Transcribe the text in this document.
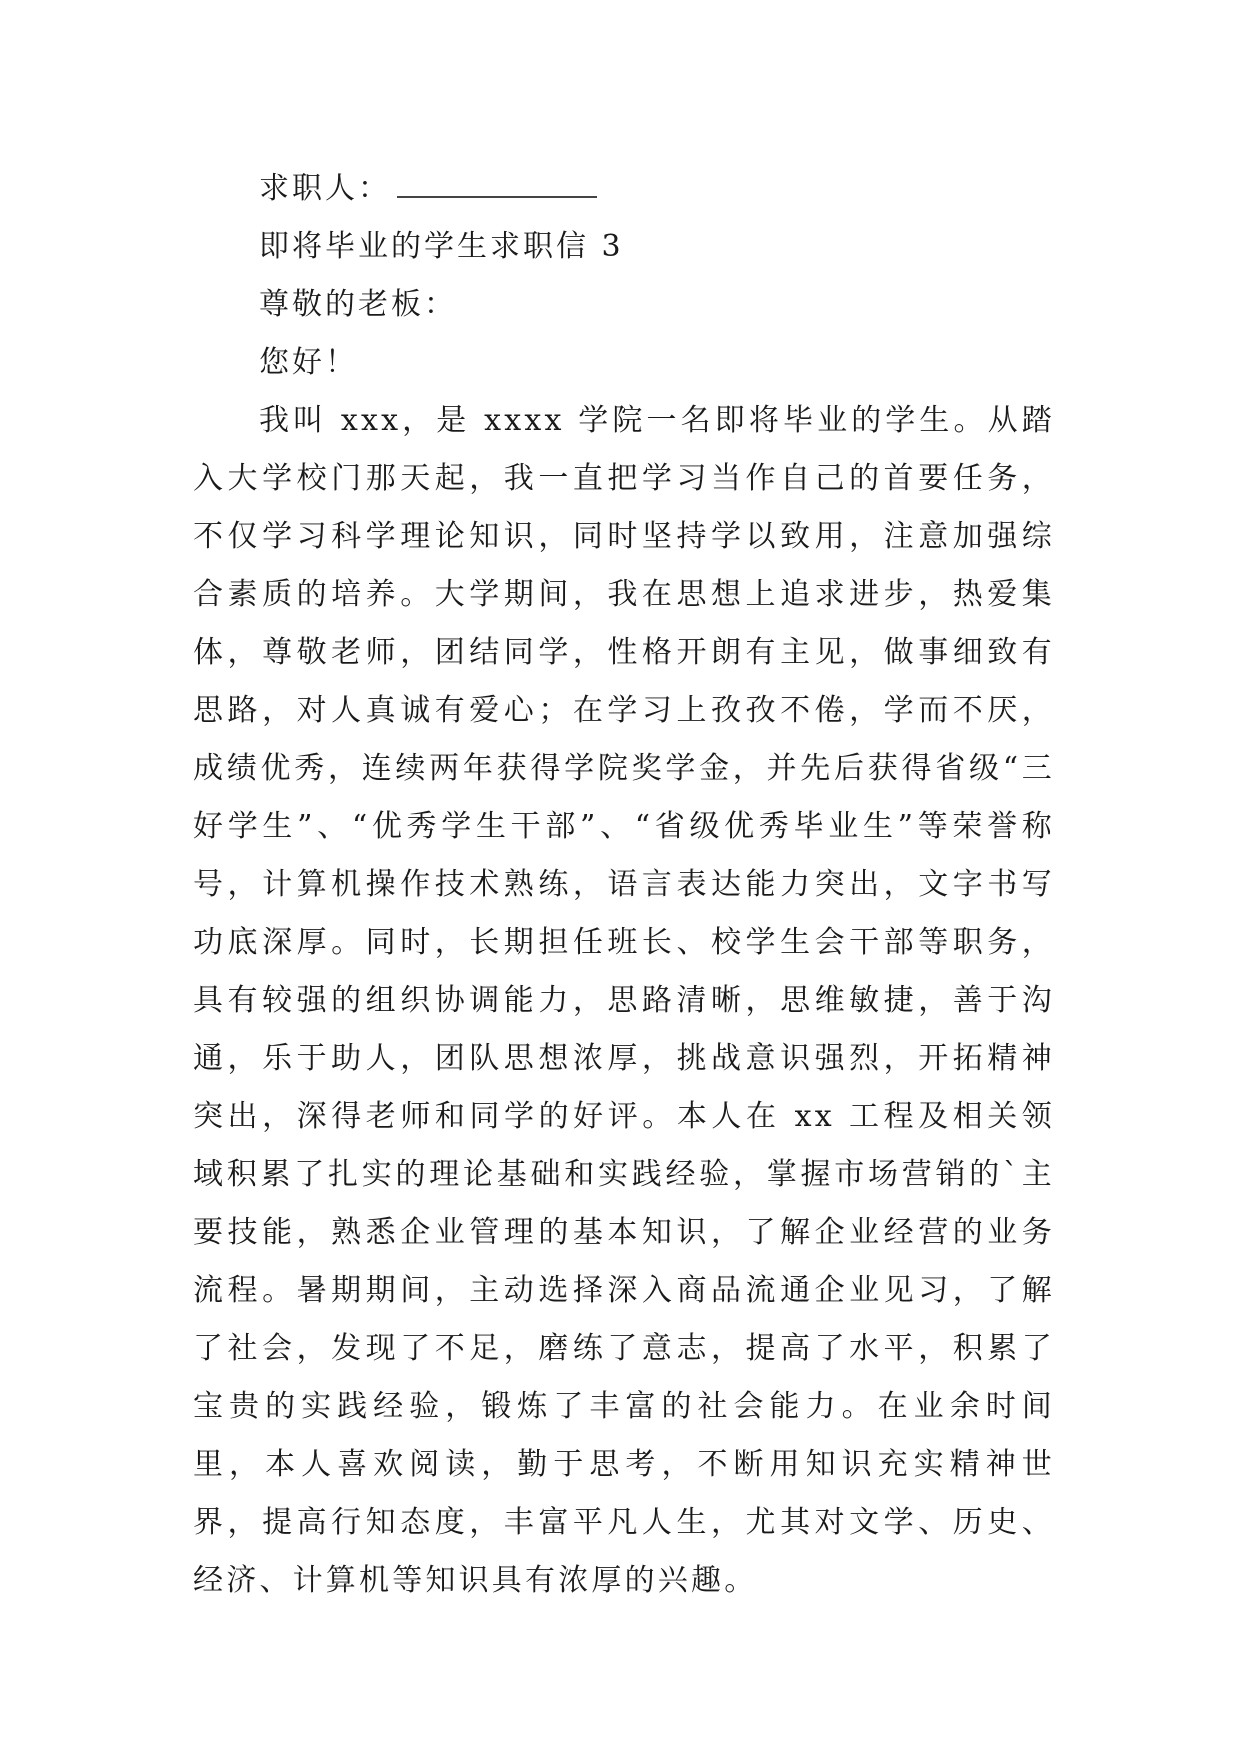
求职人：
即将毕业的学生求职信 3
尊敬的老板：
您好！

我叫 xxx，是 xxxx 学院一名即将毕业的学生。从踏入大学校门那天起，我一直把学习当作自己的首要任务，不仅学习科学理论知识，同时坚持学以致用，注意加强综合素质的培养。大学期间，我在思想上追求进步，热爱集体，尊敬老师，团结同学，性格开朗有主见，做事细致有思路，对人真诚有爱心；在学习上孜孜不倦，学而不厌，成绩优秀，连续两年获得学院奖学金，并先后获得省级“三好学生”、“优秀学生干部”、“省级优秀毕业生”等荣誉称号，计算机操作技术熟练，语言表达能力突出，文字书写功底深厚。同时，长期担任班长、校学生会干部等职务，具有较强的组织协调能力，思路清晰，思维敏捷，善于沟通，乐于助人，团队思想浓厚，挑战意识强烈，开拓精神突出，深得老师和同学的好评。本人在 xx 工程及相关领域积累了扎实的理论基础和实践经验，掌握市场营销的`主要技能，熟悉企业管理的基本知识，了解企业经营的业务流程。暑期期间，主动选择深入商品流通企业见习，了解了社会，发现了不足，磨练了意志，提高了水平，积累了宝贵的实践经验，锻炼了丰富的社会能力。在业余时间里，本人喜欢阅读，勤于思考，不断用知识充实精神世界，提高行知态度，丰富平凡人生，尤其对文学、历史、经济、计算机等知识具有浓厚的兴趣。
